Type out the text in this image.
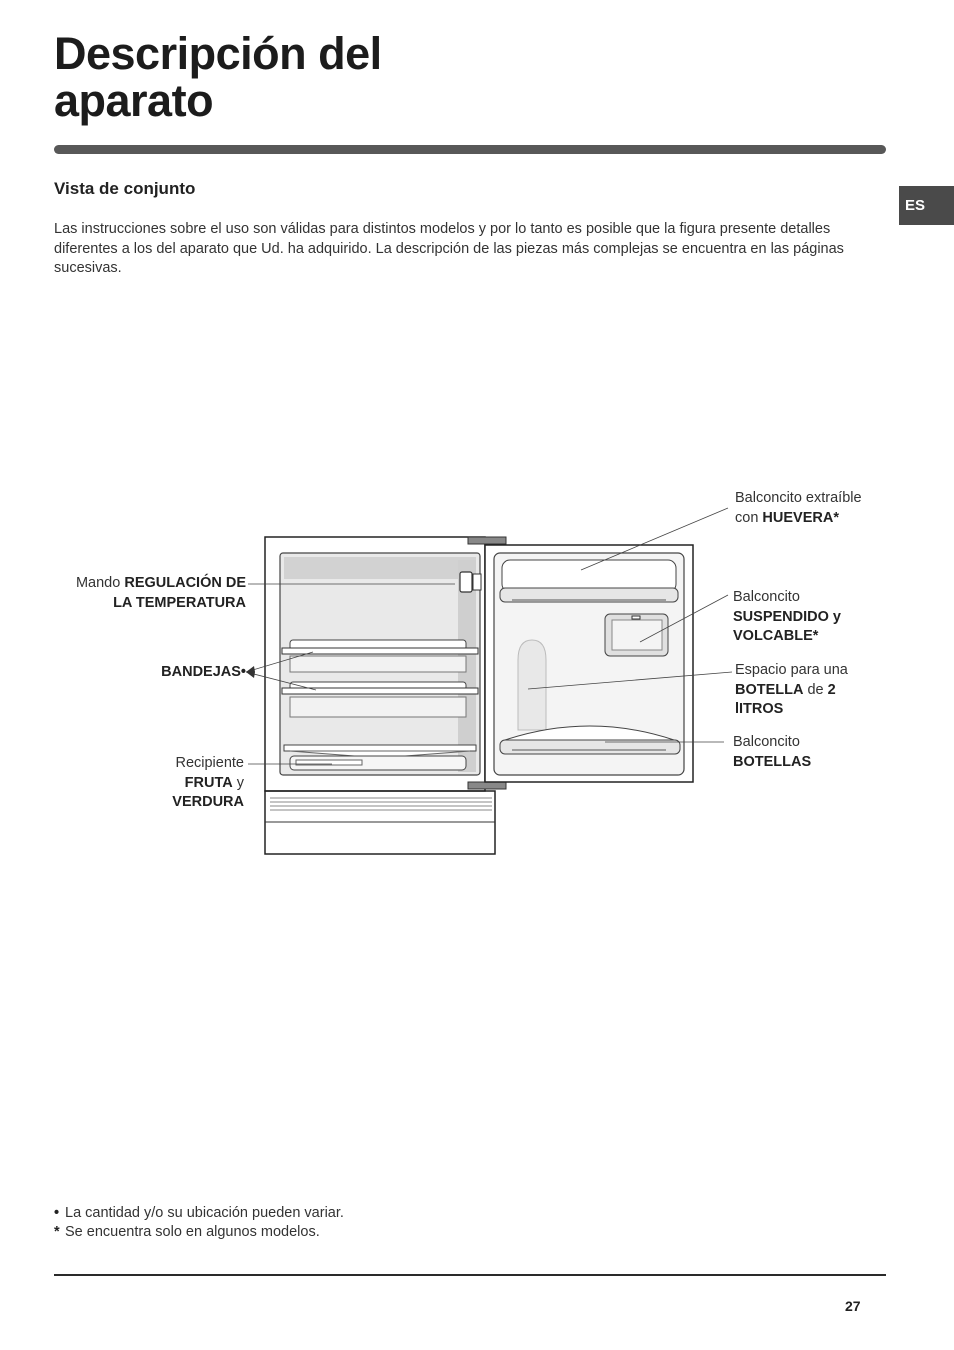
Descripción del
aparato
ES
Vista de conjunto

Las instrucciones sobre el uso son válidas para distintos modelos y por lo tanto es posible que la figura presente detalles diferentes a los del aparato que Ud. ha adquirido. La descripción de las piezas más complejas se encuentra en las páginas sucesivas.

Mando REGULACIÓN DE
LA TEMPERATURA
BANDEJAS•
Recipiente
FRUTA y
VERDURA
Balconcito extraíble
con HUEVERA*
Balconcito
SUSPENDIDO y
VOLCABLE*
Espacio para una
BOTELLA de 2
lITROS
Balconcito
BOTELLAS
• La cantidad y/o su ubicación pueden variar.
* Se encuentra solo en algunos modelos.
27
